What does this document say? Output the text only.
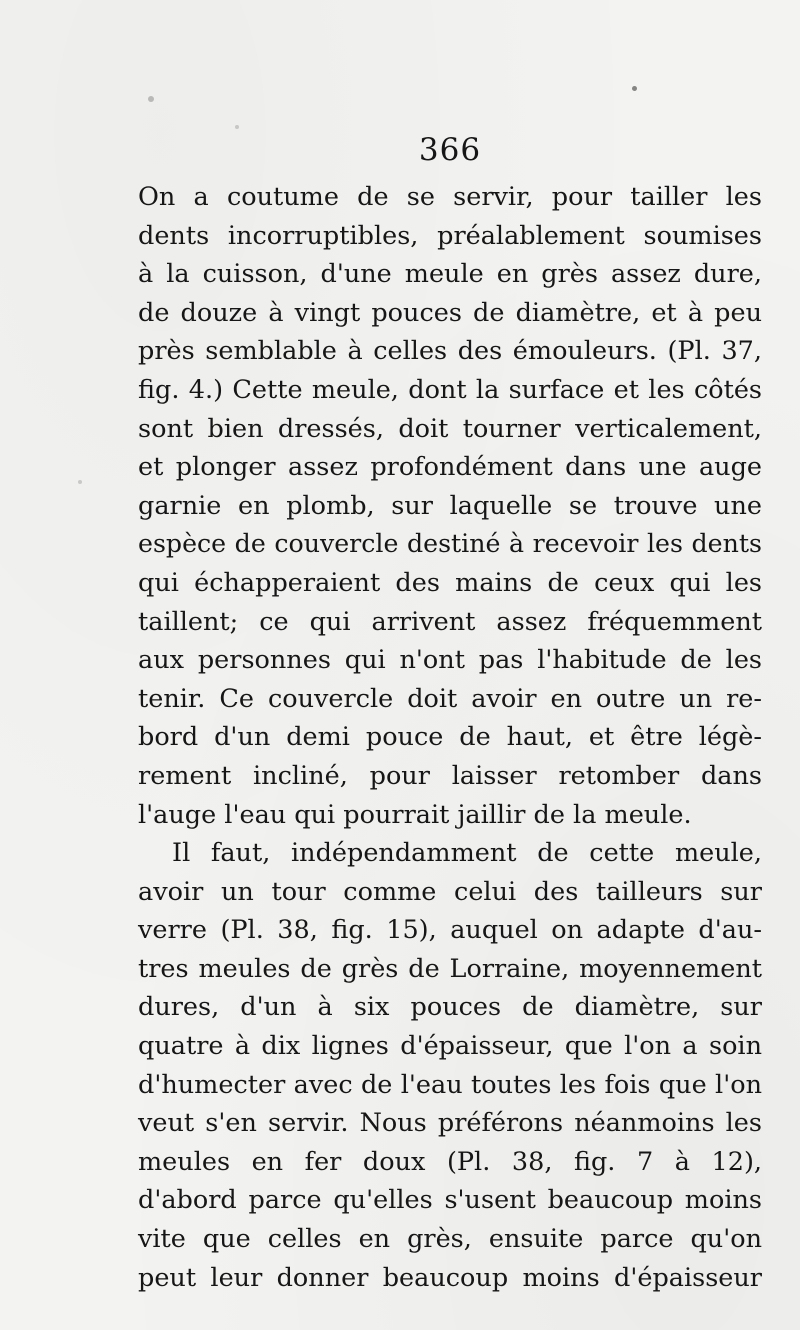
366
On a coutume de se servir, pour tailler les
dents incorruptibles, préalablement soumises
à la cuisson, d'une meule en grès assez dure,
de douze à vingt pouces de diamètre, et à peu
près semblable à celles des émouleurs. (Pl. 37,
fig. 4.) Cette meule, dont la surface et les côtés
sont bien dressés, doit tourner verticalement,
et plonger assez profondément dans une auge
garnie en plomb, sur laquelle se trouve une
espèce de couvercle destiné à recevoir les dents
qui échapperaient des mains de ceux qui les
taillent; ce qui arrivent assez fréquemment
aux personnes qui n'ont pas l'habitude de les
tenir. Ce couvercle doit avoir en outre un re-
bord d'un demi pouce de haut, et être légè-
rement incliné, pour laisser retomber dans
l'auge l'eau qui pourrait jaillir de la meule.
Il faut, indépendamment de cette meule,
avoir un tour comme celui des tailleurs sur
verre (Pl. 38, fig. 15), auquel on adapte d'au-
tres meules de grès de Lorraine, moyennement
dures, d'un à six pouces de diamètre, sur
quatre à dix lignes d'épaisseur, que l'on a soin
d'humecter avec de l'eau toutes les fois que l'on
veut s'en servir. Nous préférons néanmoins les
meules en fer doux (Pl. 38, fig. 7 à 12),
d'abord parce qu'elles s'usent beaucoup moins
vite que celles en grès, ensuite parce qu'on
peut leur donner beaucoup moins d'épaisseur
